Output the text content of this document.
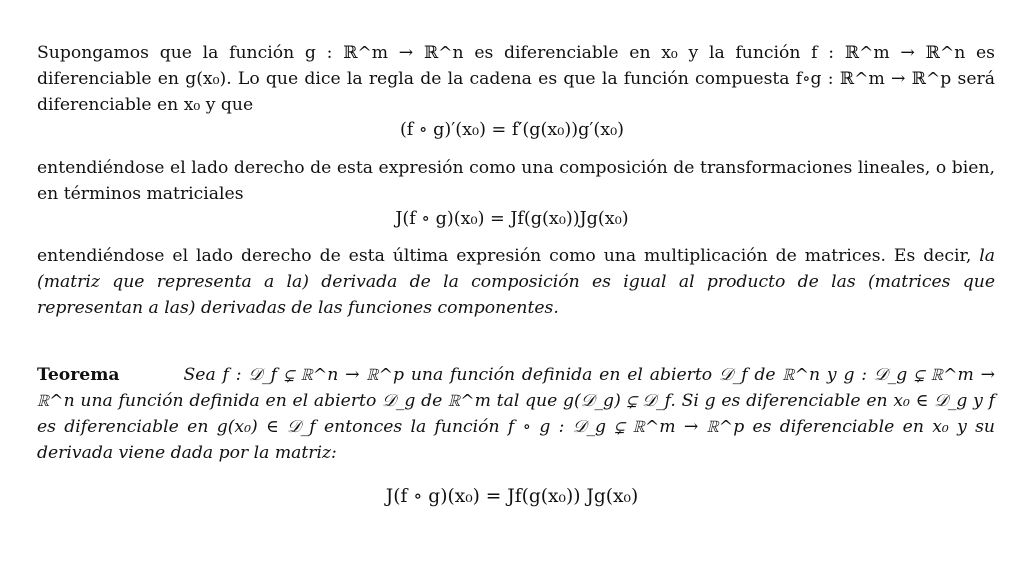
Supongamos que la función g : ℝ^m → ℝ^n es diferenciable en x₀ y la función f : ℝ^m → ℝ^n es diferenciable en g(x₀). Lo que dice la regla de la cadena es que la función compuesta f∘g : ℝ^m → ℝ^p será diferenciable en x₀ y que

(f ∘ g)′(x₀) = f′(g(x₀))g′(x₀)

entendiéndose el lado derecho de esta expresión como una composición de transformaciones lineales, o bien, en términos matriciales

J(f ∘ g)(x₀) = Jf(g(x₀))Jg(x₀)

entendiéndose el lado derecho de esta última expresión como una multiplicación de matrices. Es decir, la (matriz que representa a la) derivada de la composición es igual al producto de las (matrices que representan a las) derivadas de las funciones componentes.

Teorema	Sea f : 𝒟_f ⊊ ℝ^n → ℝ^p una función definida en el abierto 𝒟_f de ℝ^n y g : 𝒟_g ⊊ ℝ^m → ℝ^n una función definida en el abierto 𝒟_g de ℝ^m tal que g(𝒟_g) ⊊ 𝒟_f. Si g es diferenciable en x₀ ∈ 𝒟_g y f es diferenciable en g(x₀) ∈ 𝒟_f entonces la función f ∘ g : 𝒟_g ⊊ ℝ^m → ℝ^p es diferenciable en x₀ y su derivada viene dada por la matriz:

J(f ∘ g)(x₀) = Jf(g(x₀)) Jg(x₀)
